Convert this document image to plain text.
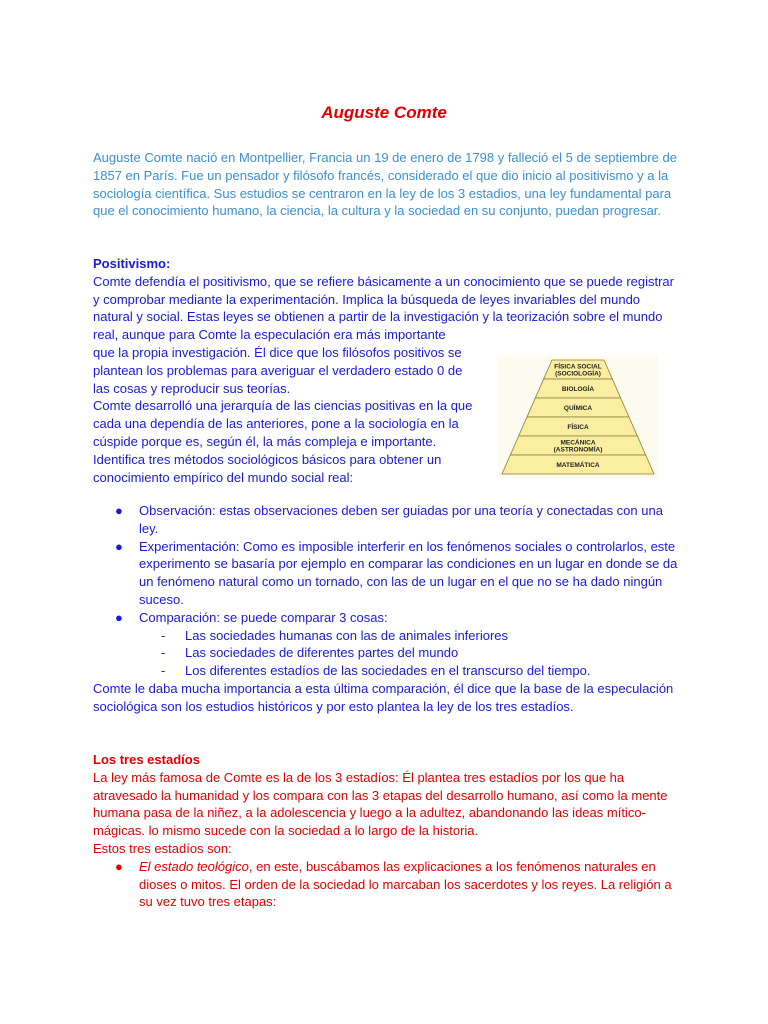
Auguste Comte

Auguste Comte nació en Montpellier, Francia un 19 de enero de 1798 y falleció el 5 de septiembre de 1857 en París. Fue un pensador y filósofo francés, considerado el que dio inicio al positivismo y a la sociología científica. Sus estudios se centraron en la ley de los 3 estadios, una ley fundamental para que el conocimiento humano, la ciencia, la cultura y la sociedad en su conjunto, puedan progresar.

Positivismo:
Comte defendía el positivismo, que se refiere básicamente a un conocimiento que se puede registrar y comprobar mediante la experimentación. Implica la búsqueda de leyes invariables del mundo natural y social. Estas leyes se obtienen a partir de la investigación y la teorización sobre el mundo real, aunque para Comte la especulación era más importante
que la propia investigación. Él dice que los filósofos positivos se plantean los problemas para averiguar el verdadero estado 0 de las cosas y reproducir sus teorías.
Comte desarrolló una jerarquía de las ciencias positivas en la que cada una dependía de las anteriores, pone a la sociología en la cúspide porque es, según él, la más compleja e importante.
Identifica tres métodos sociológicos básicos para obtener un conocimiento empírico del mundo social real:
FÍSICA SOCIAL
(SOCIOLOGÍA)
BIOLOGÍA
QUÍMICA
FÍSICA
MECÁNICA
(ASTRONOMÍA)
MATEMÁTICA
● Observación: estas observaciones deben ser guiadas por una teoría y conectadas con una ley.
● Experimentación: Como es imposible interferir en los fenómenos sociales o controlarlos, este experimento se basaría por ejemplo en comparar las condiciones en un lugar en donde se da un fenómeno natural como un tornado, con las de un lugar en el que no se ha dado ningún suceso.
● Comparación: se puede comparar 3 cosas:
- Las sociedades humanas con las de animales inferiores
- Las sociedades de diferentes partes del mundo
- Los diferentes estadíos de las sociedades en el transcurso del tiempo.
Comte le daba mucha importancia a esta última comparación, él dice que la base de la especulación sociológica son los estudios históricos y por esto plantea la ley de los tres estadíos.
Los tres estadíos
La ley más famosa de Comte es la de los 3 estadíos: Él plantea tres estadíos por los que ha atravesado la humanidad y los compara con las 3 etapas del desarrollo humano, así como la mente humana pasa de la niñez, a la adolescencia y luego a la adultez, abandonando las ideas mítico-mágicas. lo mismo sucede con la sociedad a lo largo de la historia.
Estos tres estadíos son:
● El estado teológico, en este, buscábamos las explicaciones a los fenómenos naturales en dioses o mitos. El orden de la sociedad lo marcaban los sacerdotes y los reyes. La religión a su vez tuvo tres etapas:
